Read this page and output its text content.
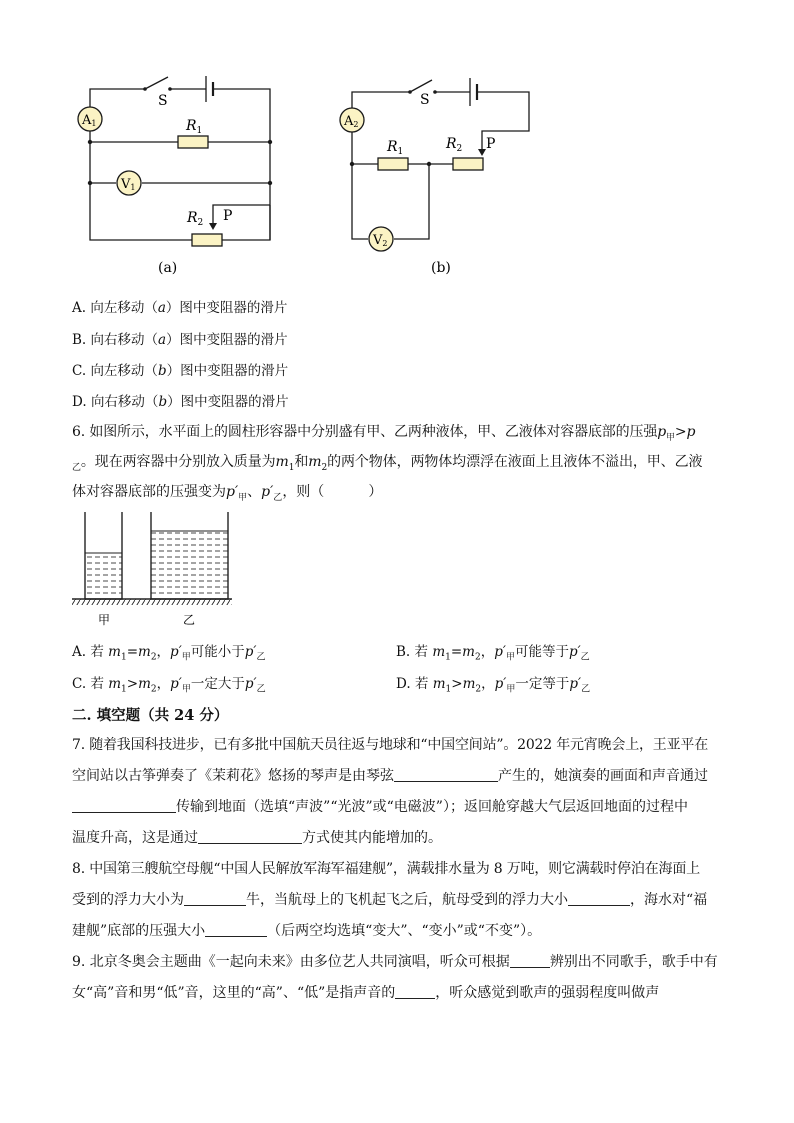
A1	$R_1$
V1
$R_2$ P
S
(a)
A2
$R_1$	$R_2$ P
V2
S
(b)
A. 向左移动（a）图中变阻器的滑片
B. 向右移动（a）图中变阻器的滑片
C. 向左移动（b）图中变阻器的滑片
D. 向右移动（b）图中变阻器的滑片
6. 如图所示，水平面上的圆柱形容器中分别盛有甲、乙两种液体，甲、乙液体对容器底部的压强$p_甲>p$
$_乙$。现在两容器中分别放入质量为$m_1$和$m_2$的两个物体，两物体均漂浮在液面上且液体不溢出，甲、乙液
体对容器底部的压强变为$p'_甲$、$p'_乙$，则（	）
甲	乙
A. 若 $m_1=m_2$，$p'_甲$可能小于$p'_乙$	B. 若 $m_1=m_2$，$p'_甲$可能等于$p'_乙$
C. 若 $m_1>m_2$，$p'_甲$一定大于$p'_乙$	D. 若 $m_1>m_2$，$p'_甲$一定等于$p'_乙$
二. 填空题（共 24 分）
7. 随着我国科技进步，已有多批中国航天员往返与地球和“中国空间站”。2022 年元宵晚会上，王亚平在
空间站以古筝弹奏了《茉莉花》悠扬的琴声是由琴弦	产生的，她演奏的画面和声音通过
传输到地面（选填“声波”“光波”或“电磁波”）；返回舱穿越大气层返回地面的过程中
温度升高，这是通过	方式使其内能增加的。
8. 中国第三艘航空母舰“中国人民解放军海军福建舰”，满载排水量为 8 万吨，则它满载时停泊在海面上
受到的浮力大小为	牛，当航母上的飞机起飞之后，航母受到的浮力大小	，海水对“福
建舰”底部的压强大小	（后两空均选填“变大”、“变小”或“不变”）。
9. 北京冬奥会主题曲《一起向未来》由多位艺人共同演唱，听众可根据	辨别出不同歌手，歌手中有
女“高”音和男“低”音，这里的“高”、“低”是指声音的	，听众感觉到歌声的强弱程度叫做声
